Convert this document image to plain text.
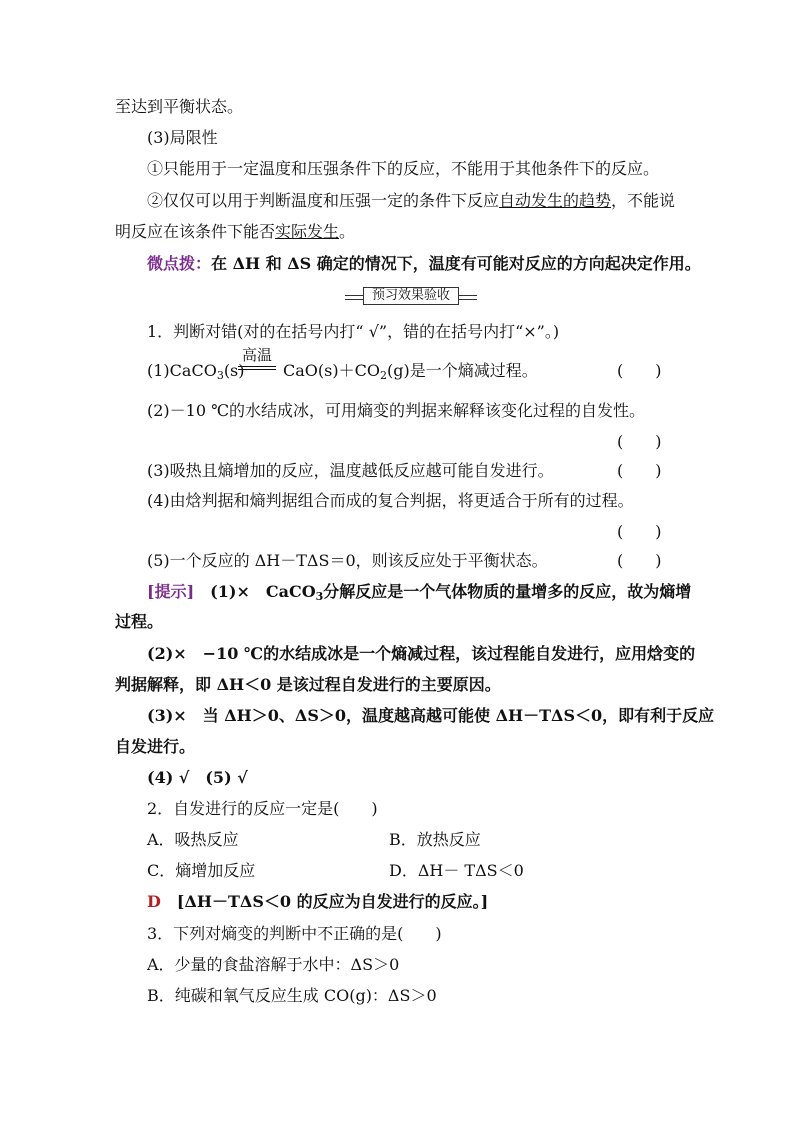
至达到平衡状态。
(3)局限性
①只能用于一定温度和压强条件下的反应，不能用于其他条件下的反应。
②仅仅可以用于判断温度和压强一定的条件下反应自动发生的趋势，不能说
明反应在该条件下能否实际发生。
微点拨：在 ΔH 和 ΔS 确定的情况下，温度有可能对反应的方向起决定作用。
预习效果验收
1．判断对错(对的在括号内打“ √”，错的在括号内打“×”。)
(1)CaCO$_3$(s)
高温
$CaO(s)+CO_2(g)$是一个熵减过程。	(　　)
(2)－10 ℃的水结成冰，可用熵变的判据来解释该变化过程的自发性。
(　　)
(3)吸热且熵增加的反应，温度越低反应越可能自发进行。	(　　)
(4)由焓判据和熵判据组合而成的复合判据，将更适合于所有的过程。
(　　)
(5)一个反应的 ΔH－TΔS＝0，则该反应处于平衡状态。	(　　)
[提示]　 (1)×　CaCO$_3$分解反应是一个气体物质的量增多的反应，故为熵增
过程。
(2)×　−10 ℃的水结成冰是一个熵减过程，该过程能自发进行，应用焓变的
判据解释，即 ΔH＜0 是该过程自发进行的主要原因。
(3)×　当 ΔH＞0、ΔS＞0，温度越高越可能使 ΔH－TΔS＜0，即有利于反应
自发进行。
(4) √　(5) √
2．自发进行的反应一定是(　　)
A．吸热反应	B．放热反应
C．熵增加反应	D．ΔH－ TΔS＜0
D　 [ΔH－TΔS＜0 的反应为自发进行的反应。]
3．下列对熵变的判断中不正确的是(　　)
A．少量的食盐溶解于水中：ΔS＞0
B．纯碳和氧气反应生成 CO(g)：ΔS＞0
